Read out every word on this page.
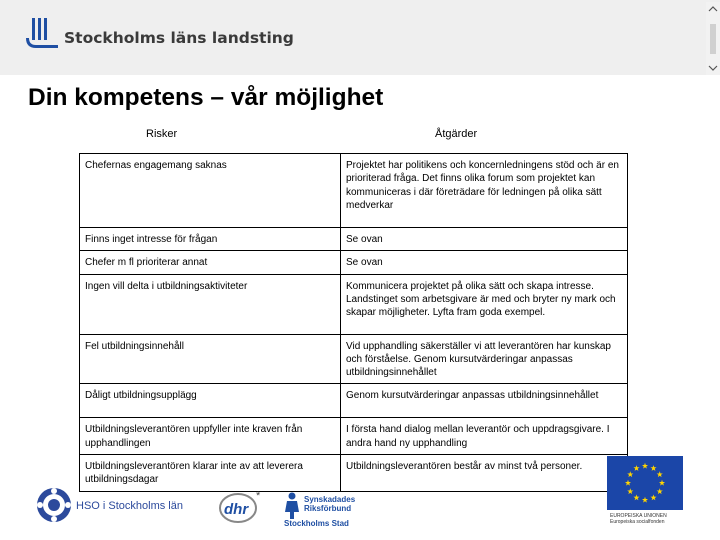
Stockholms läns landsting
Din kompetens – vår möjlighet
Risker	Åtgärder
Chefernas engagemang saknas	Projektet har politikens och koncernledningens stöd och är en prioriterad fråga. Det finns olika forum som projektet kan kommuniceras i där företrädare för ledningen på olika sätt medverkar
Finns inget intresse för frågan	Se ovan
Chefer m fl prioriterar annat	Se ovan
Ingen vill delta i utbildningsaktiviteter	Kommunicera projektet på olika sätt och skapa intresse. Landstinget som arbetsgivare är med och bryter ny mark och skapar möjligheter. Lyfta fram goda exempel.
Fel utbildningsinnehåll	Vid upphandling säkerställer vi att leverantören har kunskap och förståelse. Genom kursutvärderingar anpassas utbildningsinnehållet
Dåligt utbildningsupplägg	Genom kursutvärderingar anpassas utbildningsinnehållet
Utbildningsleverantören uppfyller inte kraven från upphandlingen	I första hand dialog mellan leverantör och uppdragsgivare. I andra hand ny upphandling
Utbildningsleverantören klarar inte av att leverera utbildningsdagar	Utbildningsleverantören består av minst två personer.
HSO i Stockholms län	dhr
*	Synskadades
Riksförbund
Stockholms Stad
EUROPEISKA UNIONEN
Europeiska socialfonden
